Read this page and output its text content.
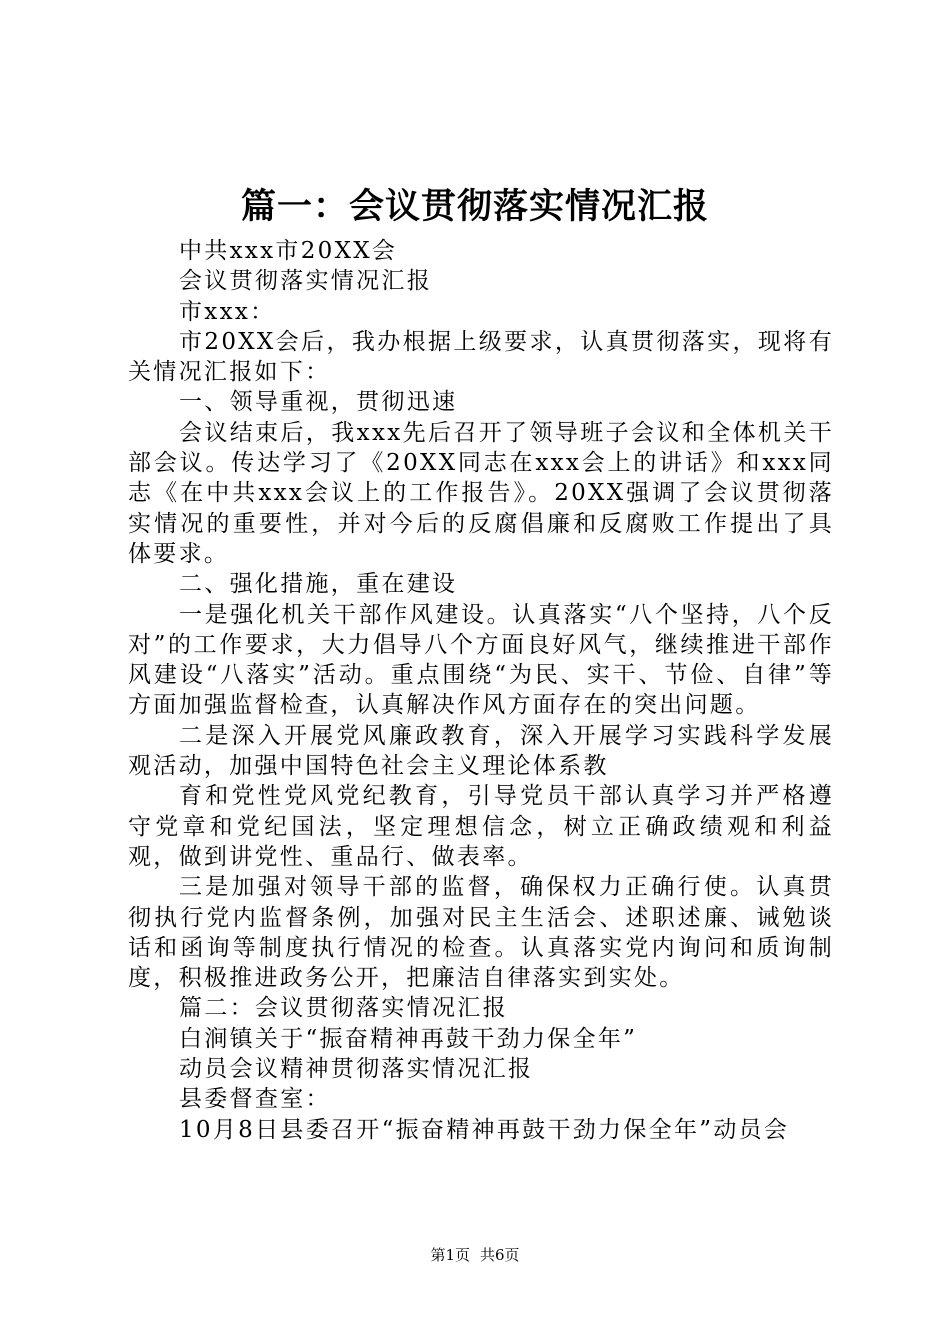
篇一：会议贯彻落实情况汇报

中共xxx市20XX会

会议贯彻落实情况汇报

市xxx：

市20XX会后，我办根据上级要求，认真贯彻落实，现将有关情况汇报如下：

一、领导重视，贯彻迅速

会议结束后，我xxx先后召开了领导班子会议和全体机关干部会议。传达学习了《20XX同志在xxx会上的讲话》和xxx同志《在中共xxx会议上的工作报告》。20XX强调了会议贯彻落实情况的重要性，并对今后的反腐倡廉和反腐败工作提出了具体要求。

二、强化措施，重在建设

一是强化机关干部作风建设。认真落实“八个坚持，八个反对”的工作要求，大力倡导八个方面良好风气，继续推进干部作风建设“八落实”活动。重点围绕“为民、实干、节俭、自律”等方面加强监督检查，认真解决作风方面存在的突出问题。

二是深入开展党风廉政教育，深入开展学习实践科学发展观活动，加强中国特色社会主义理论体系教

育和党性党风党纪教育，引导党员干部认真学习并严格遵守党章和党纪国法，坚定理想信念，树立正确政绩观和利益观，做到讲党性、重品行、做表率。

三是加强对领导干部的监督，确保权力正确行使。认真贯彻执行党内监督条例，加强对民主生活会、述职述廉、诫勉谈话和函询等制度执行情况的检查。认真落实党内询问和质询制度，积极推进政务公开，把廉洁自律落实到实处。

篇二：会议贯彻落实情况汇报

白涧镇关于“振奋精神再鼓干劲力保全年”

动员会议精神贯彻落实情况汇报

县委督查室：

10月8日县委召开“振奋精神再鼓干劲力保全年”动员会

第1页 共6页
